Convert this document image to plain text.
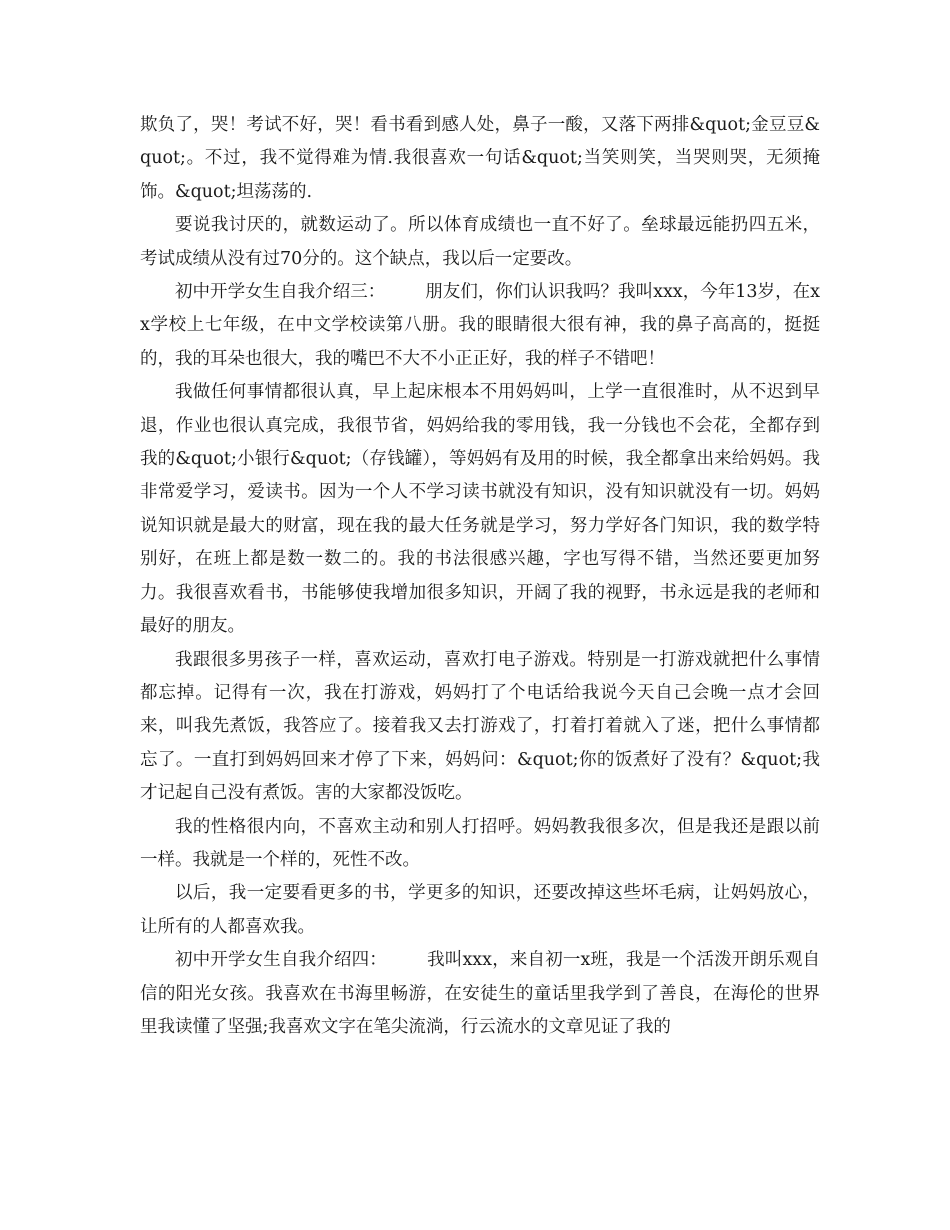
欺负了，哭！考试不好，哭！看书看到感人处，鼻子一酸，又落下两排&quot;金豆豆&quot;。不过，我不觉得难为情.我很喜欢一句话&quot;当笑则笑，当哭则哭，无须掩饰。&quot;坦荡荡的.

要说我讨厌的，就数运动了。所以体育成绩也一直不好了。垒球最远能扔四五米，考试成绩从没有过70分的。这个缺点，我以后一定要改。

初中开学女生自我介绍三： 朋友们，你们认识我吗？我叫xxx，今年13岁，在xx学校上七年级，在中文学校读第八册。我的眼睛很大很有神，我的鼻子高高的，挺挺的，我的耳朵也很大，我的嘴巴不大不小正正好，我的样子不错吧！

我做任何事情都很认真，早上起床根本不用妈妈叫，上学一直很准时，从不迟到早退，作业也很认真完成，我很节省，妈妈给我的零用钱，我一分钱也不会花，全都存到我的&quot;小银行&quot;（存钱罐），等妈妈有及用的时候，我全都拿出来给妈妈。我非常爱学习，爱读书。因为一个人不学习读书就没有知识，没有知识就没有一切。妈妈说知识就是最大的财富，现在我的最大任务就是学习，努力学好各门知识，我的数学特别好，在班上都是数一数二的。我的书法很感兴趣，字也写得不错，当然还要更加努力。我很喜欢看书，书能够使我增加很多知识，开阔了我的视野，书永远是我的老师和最好的朋友。

我跟很多男孩子一样，喜欢运动，喜欢打电子游戏。特别是一打游戏就把什么事情都忘掉。记得有一次，我在打游戏，妈妈打了个电话给我说今天自己会晚一点才会回来，叫我先煮饭，我答应了。接着我又去打游戏了，打着打着就入了迷，把什么事情都忘了。一直打到妈妈回来才停了下来，妈妈问：&quot;你的饭煮好了没有？&quot;我才记起自己没有煮饭。害的大家都没饭吃。

我的性格很内向，不喜欢主动和别人打招呼。妈妈教我很多次，但是我还是跟以前一样。我就是一个样的，死性不改。

以后，我一定要看更多的书，学更多的知识，还要改掉这些坏毛病，让妈妈放心，让所有的人都喜欢我。

初中开学女生自我介绍四： 我叫xxx，来自初一x班，我是一个活泼开朗乐观自信的阳光女孩。我喜欢在书海里畅游，在安徒生的童话里我学到了善良，在海伦的世界里我读懂了坚强;我喜欢文字在笔尖流淌，行云流水的文章见证了我的
